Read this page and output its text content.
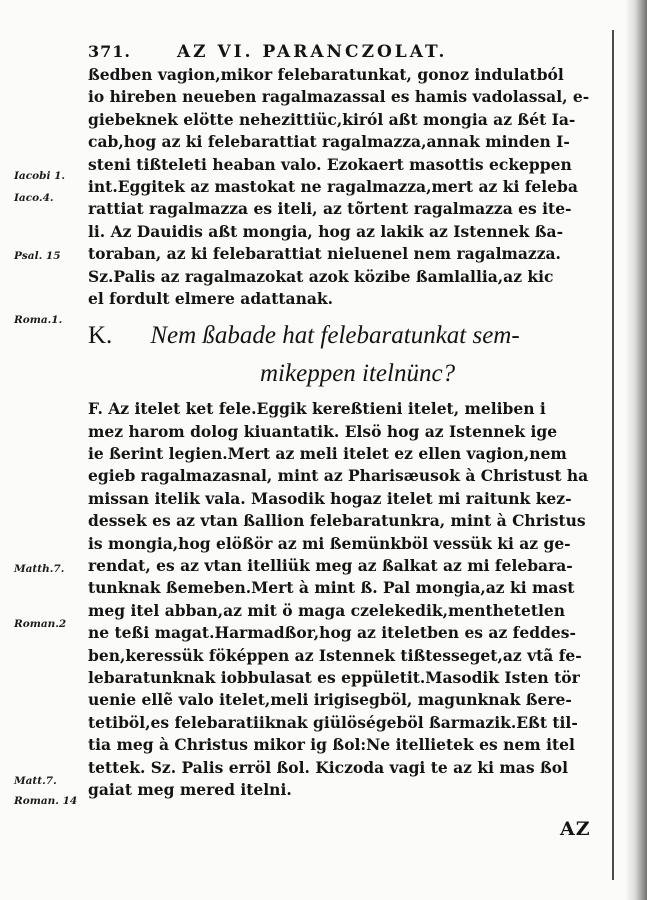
371.	AZ VI. PARANCZOLAT.
ßedben vagion,mikor felebaratunkat, gonoz indulatból
io hireben neueben ragalmazassal es hamis vadolassal, e-
giebeknek elötte nehezittiüc,kiról aßt mongia az ßét Ia-
cab,hog az ki felebarattiat ragalmazza,annak minden I-
steni tißteleti heaban valo. Ezokaert masottis eckeppen
int.Eggitek az mastokat ne ragalmazza,mert az ki feleba
rattiat ragalmazza es iteli, az tõrtent ragalmazza es ite-
li. Az Dauidis aßt mongia, hog az lakik az Istennek ßa-
toraban, az ki felebarattiat nieluenel nem ragalmazza.
Sz.Palis az ragalmazokat azok közibe ßamlallia,az kic
el fordult elmere adattanak.
K. Nem ßabade hat felebaratunkat sem-
mikeppen itelnünc?
F. Az itelet ket fele.Eggik kereßtieni itelet, meliben i
mez harom dolog kiuantatik. Elsö hog az Istennek ige
ie ßerint legien.Mert az meli itelet ez ellen vagion,nem
egieb ragalmazasnal, mint az Pharisæusok à Christust ha
missan itelik vala. Masodik hogaz itelet mi raitunk kez-
dessek es az vtan ßallion felebaratunkra, mint à Christus
is mongia,hog elößör az mi ßemünkböl vessük ki az ge-
rendat, es az vtan itelliük meg az ßalkat az mi felebara-
tunknak ßemeben.Mert à mint ß. Pal mongia,az ki mast
meg itel abban,az mit ö maga czelekedik,menthetetlen
ne teßi magat.Harmadßor,hog az iteletben es az feddes-
ben,keressük föképpen az Istennek tißtesseget,az vtã fe-
lebaratunknak iobbulasat es eppületit.Masodik Isten tör
uenie ellẽ valo itelet,meli irigisegböl, magunknak ßere-
tetiböl,es felebaratiiknak giülöségeböl ßarmazik.Eßt til-
tia meg à Christus mikor ig ßol:Ne itellietek es nem itel
tettek. Sz. Palis erröl ßol. Kiczoda vagi te az ki mas ßol
gaiat meg mered itelni.
Iacobi 1.
Iaco.4.
Psal. 15
Roma.1.
Matth.7.
Roman.2
Matt.7.
Roman. 14
AZ
